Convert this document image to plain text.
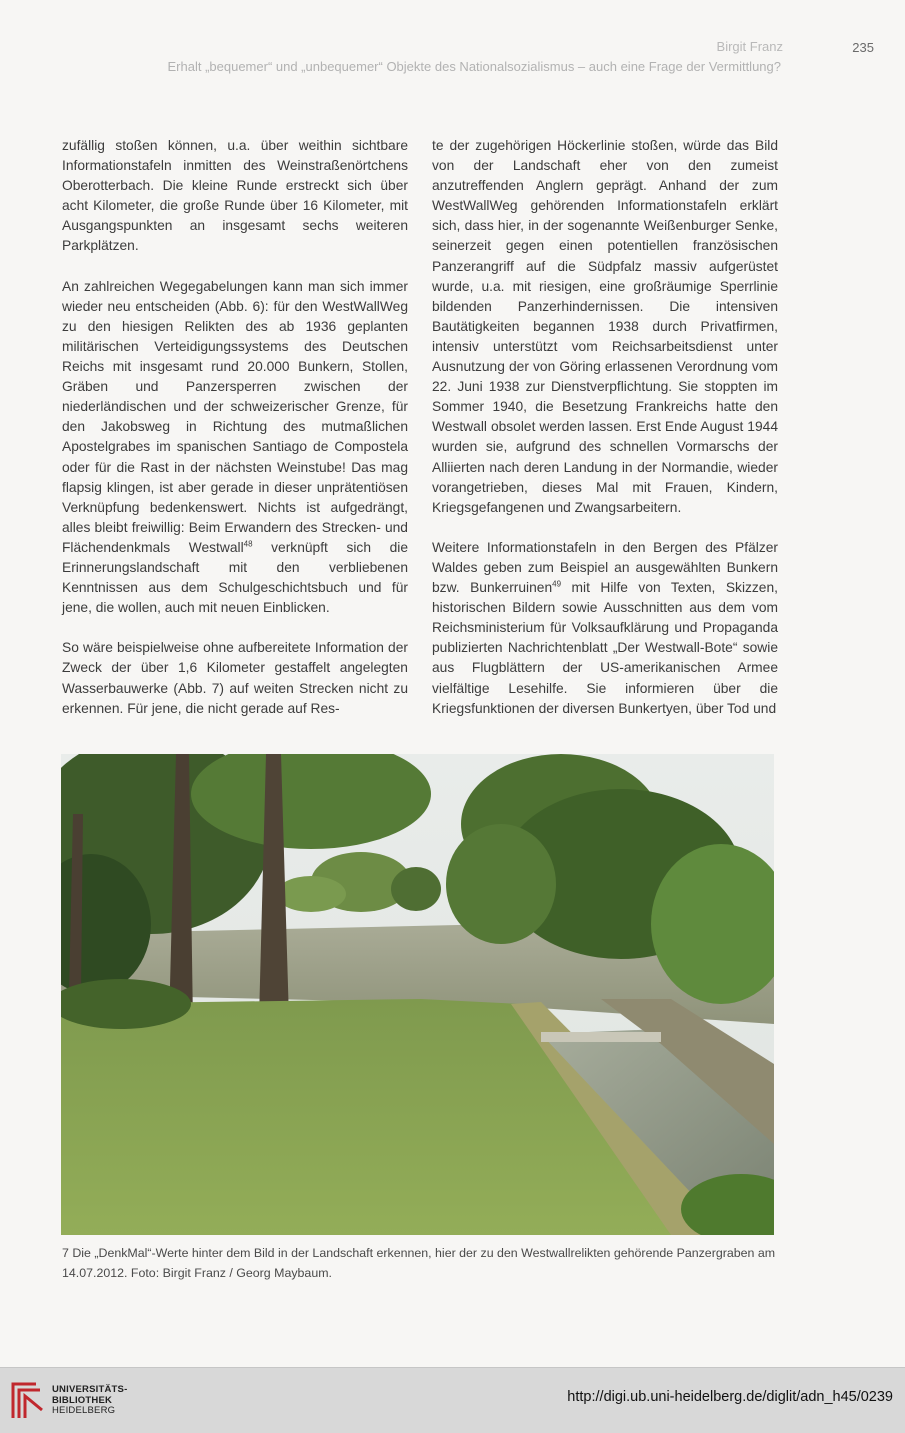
Birgit Franz	235
Erhalt „bequemer“ und „unbequemer“ Objekte des Nationalsozialismus – auch eine Frage der Vermittlung?

zufällig stoßen können, u.a. über weithin sichtbare Informationstafeln inmitten des Weinstraßenörtchens Oberotterbach. Die kleine Runde erstreckt sich über acht Kilometer, die große Runde über 16 Kilometer, mit Ausgangspunkten an insgesamt sechs weiteren Parkplätzen.

An zahlreichen Wegegabelungen kann man sich immer wieder neu entscheiden (Abb. 6): für den WestWallWeg zu den hiesigen Relikten des ab 1936 geplanten militärischen Verteidigungssystems des Deutschen Reichs mit insgesamt rund 20.000 Bunkern, Stollen, Gräben und Panzersperren zwischen der niederländischen und der schweizerischer Grenze, für den Jakobsweg in Richtung des mutmaßlichen Apostelgrabes im spanischen Santiago de Compostela oder für die Rast in der nächsten Weinstube! Das mag flapsig klingen, ist aber gerade in dieser unprätentiösen Verknüpfung bedenkenswert. Nichts ist aufgedrängt, alles bleibt freiwillig: Beim Erwandern des Strecken- und Flächendenkmals Westwall$^{48}$ verknüpft sich die Erinnerungslandschaft mit den verbliebenen Kenntnissen aus dem Schulgeschichtsbuch und für jene, die wollen, auch mit neuen Einblicken.

So wäre beispielweise ohne aufbereitete Information der Zweck der über 1,6 Kilometer gestaffelt angelegten Wasserbauwerke (Abb. 7) auf weiten Strecken nicht zu erkennen. Für jene, die nicht gerade auf Res-

te der zugehörigen Höckerlinie stoßen, würde das Bild von der Landschaft eher von den zumeist anzutreffenden Anglern geprägt. Anhand der zum WestWallWeg gehörenden Informationstafeln erklärt sich, dass hier, in der sogenannte Weißenburger Senke, seinerzeit gegen einen potentiellen französischen Panzerangriff auf die Südpfalz massiv aufgerüstet wurde, u.a. mit riesigen, eine großräumige Sperrlinie bildenden Panzerhindernissen. Die intensiven Bautätigkeiten begannen 1938 durch Privatfirmen, intensiv unterstützt vom Reichsarbeitsdienst unter Ausnutzung der von Göring erlassenen Verordnung vom 22. Juni 1938 zur Dienstverpflichtung. Sie stoppten im Sommer 1940, die Besetzung Frankreichs hatte den Westwall obsolet werden lassen. Erst Ende August 1944 wurden sie, aufgrund des schnellen Vormarschs der Alliierten nach deren Landung in der Normandie, wieder vorangetrieben, dieses Mal mit Frauen, Kindern, Kriegsgefangenen und Zwangsarbeitern.

Weitere Informationstafeln in den Bergen des Pfälzer Waldes geben zum Beispiel an ausgewählten Bunkern bzw. Bunkerruinen$^{49}$ mit Hilfe von Texten, Skizzen, historischen Bildern sowie Ausschnitten aus dem vom Reichsministerium für Volksaufklärung und Propaganda publizierten Nachrichtenblatt „Der Westwall-Bote“ sowie aus Flugblättern der US-amerikanischen Armee vielfältige Lesehilfe. Sie informieren über die Kriegsfunktionen der diversen Bunkertyen, über Tod und

7 Die „DenkMal“-Werte hinter dem Bild in der Landschaft erkennen, hier der zu den Westwallrelikten gehörende Panzergraben am 14.07.2012. Foto: Birgit Franz / Georg Maybaum.
UNIVERSITÄTS-
BIBLIOTHEK
HEIDELBERG
http://digi.ub.uni-heidelberg.de/diglit/adn_h45/0239
